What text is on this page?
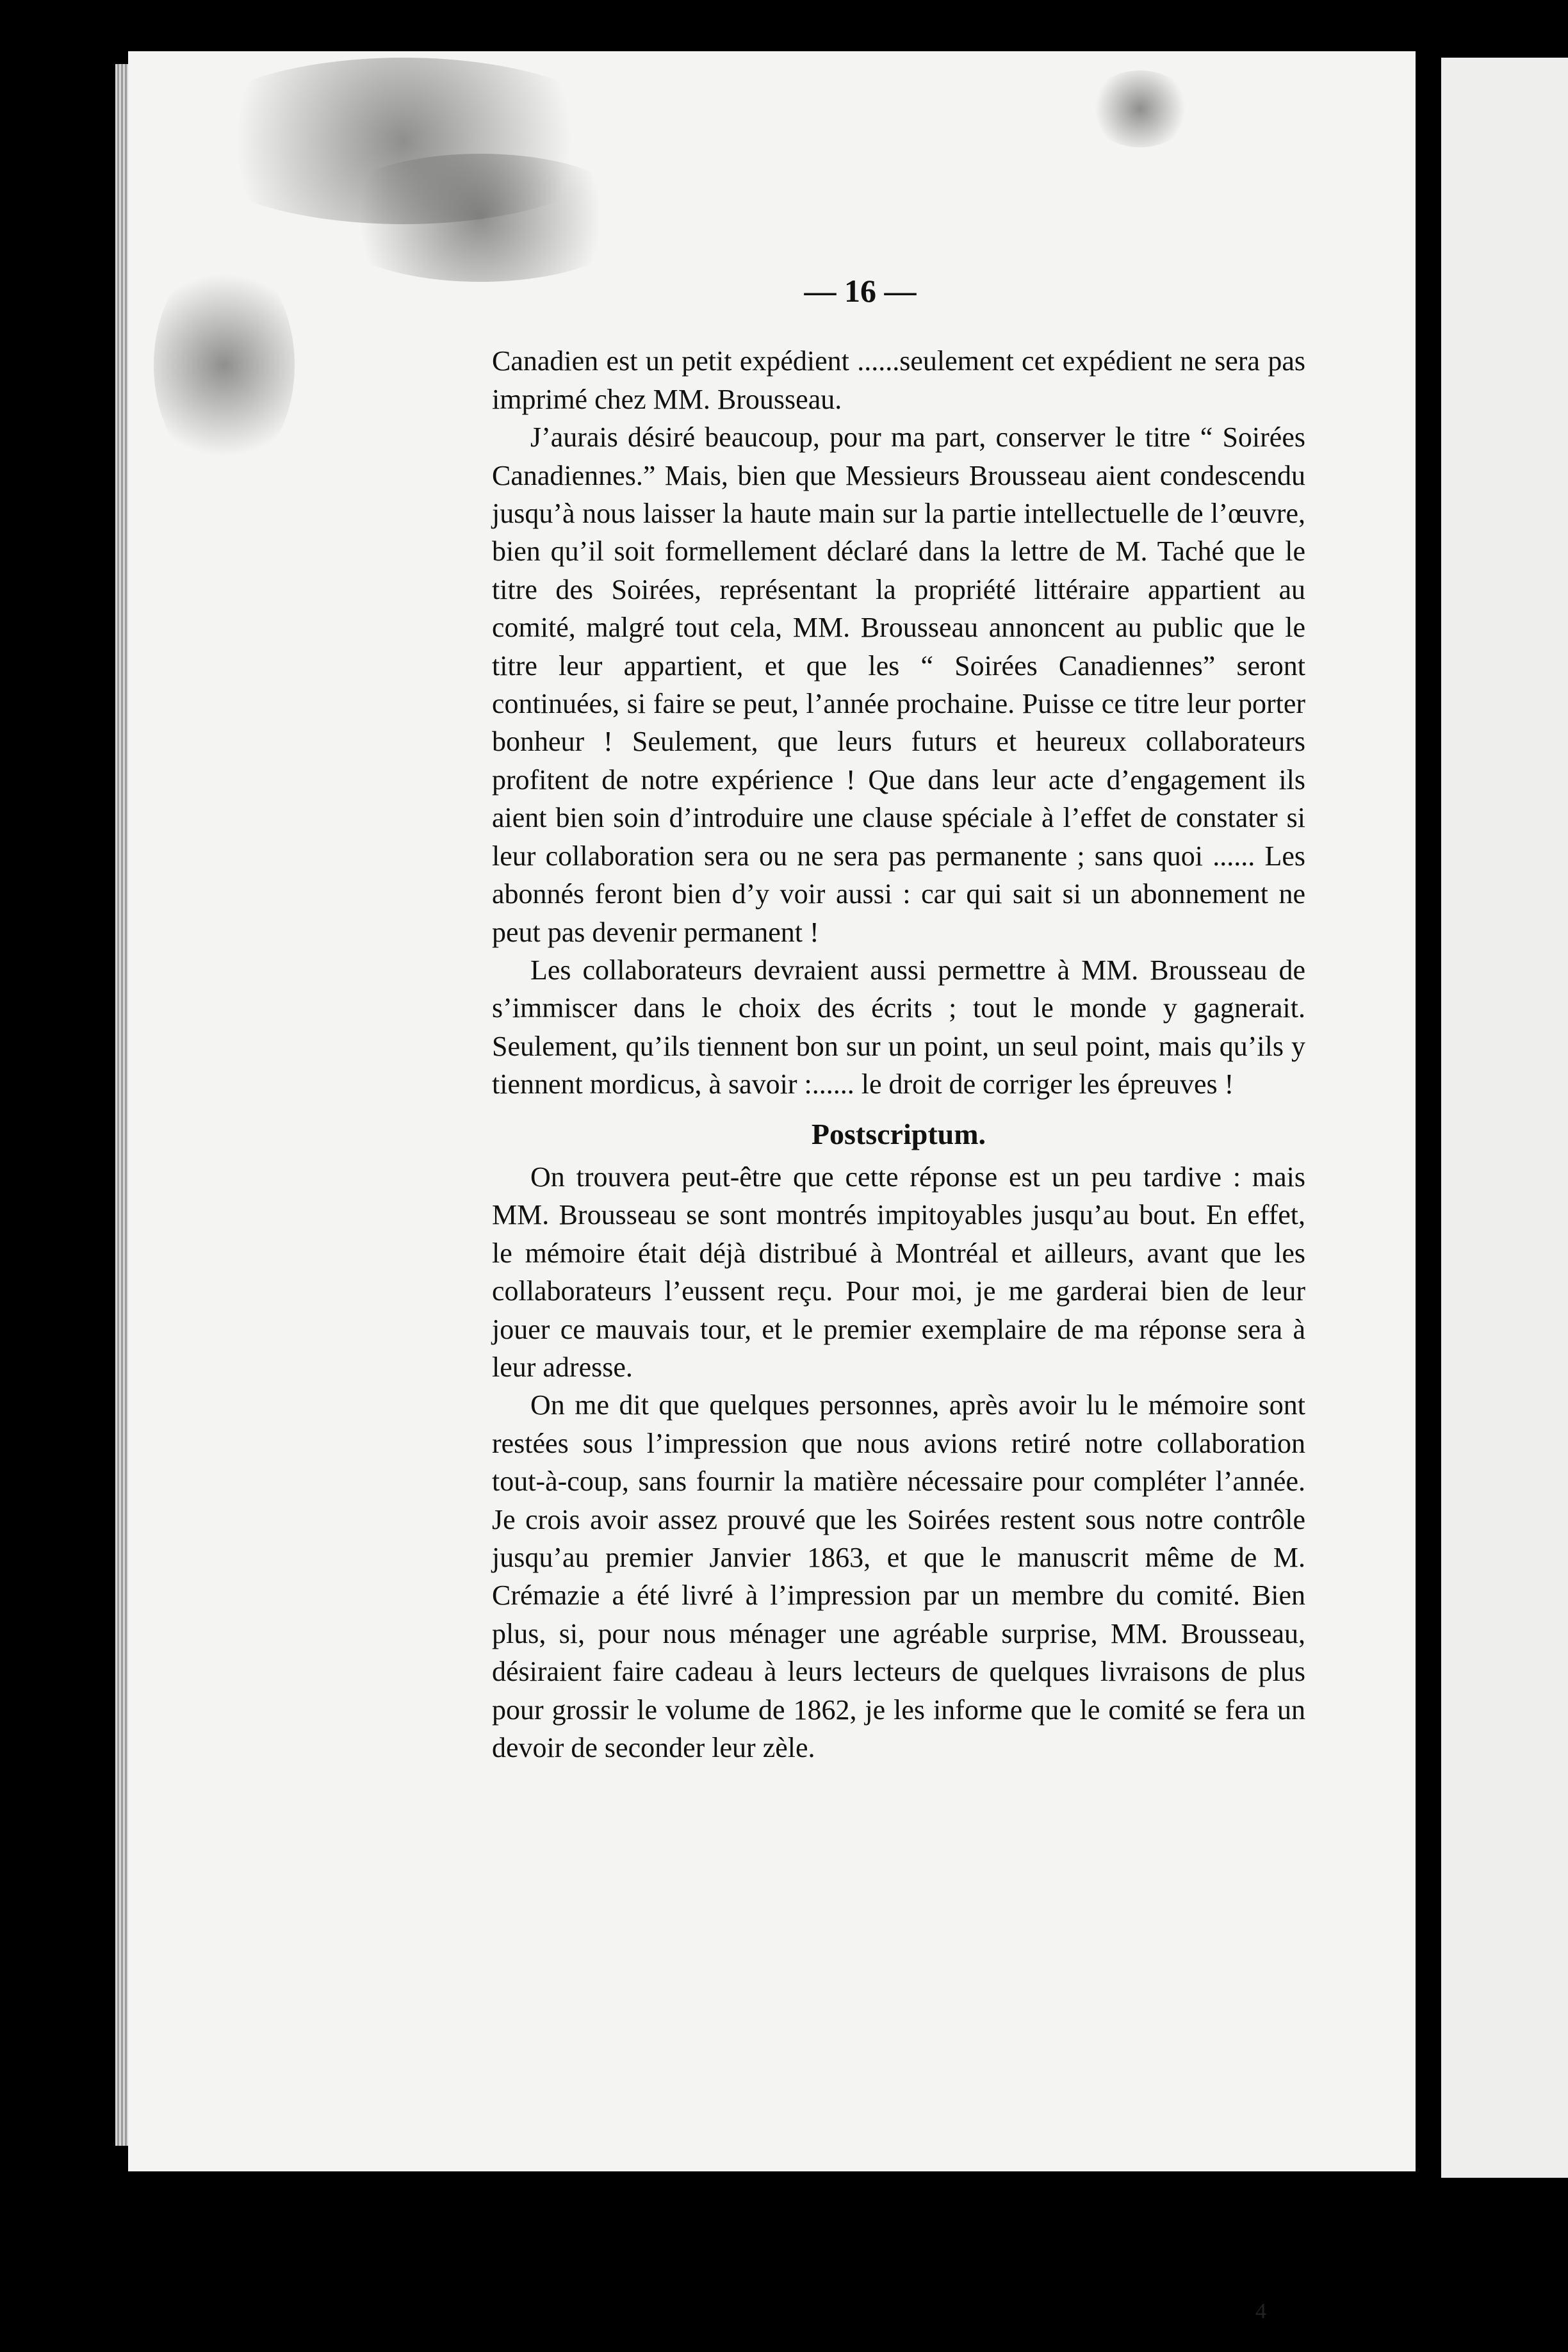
— 16 —

Canadien est un petit expédient ......seulement cet expédient ne sera pas imprimé chez MM. Brousseau.

J’aurais désiré beaucoup, pour ma part, conserver le titre “ Soirées Canadiennes.” Mais, bien que Messieurs Brousseau aient condescendu jusqu’à nous laisser la haute main sur la partie intellectuelle de l’œuvre, bien qu’il soit formellement déclaré dans la lettre de M. Taché que le titre des Soirées, représentant la propriété littéraire appartient au comité, malgré tout cela, MM. Brousseau annoncent au public que le titre leur appartient, et que les “ Soirées Canadiennes” seront continuées, si faire se peut, l’année prochaine. Puisse ce titre leur porter bonheur ! Seulement, que leurs futurs et heureux collaborateurs profitent de notre expérience ! Que dans leur acte d’engagement ils aient bien soin d’introduire une clause spéciale à l’effet de constater si leur collaboration sera ou ne sera pas permanente ; sans quoi ...... Les abonnés feront bien d’y voir aussi : car qui sait si un abonnement ne peut pas devenir permanent !

Les collaborateurs devraient aussi permettre à MM. Brousseau de s’immiscer dans le choix des écrits ; tout le monde y gagnerait. Seulement, qu’ils tiennent bon sur un point, un seul point, mais qu’ils y tiennent mordicus, à savoir :...... le droit de corriger les épreuves !

Postscriptum.

On trouvera peut-être que cette réponse est un peu tardive : mais MM. Brousseau se sont montrés impitoyables jusqu’au bout. En effet, le mémoire était déjà distribué à Montréal et ailleurs, avant que les collaborateurs l’eussent reçu. Pour moi, je me garderai bien de leur jouer ce mauvais tour, et le premier exemplaire de ma réponse sera à leur adresse.

On me dit que quelques personnes, après avoir lu le mémoire sont restées sous l’impression que nous avions retiré notre collaboration tout-à-coup, sans fournir la matière nécessaire pour compléter l’année. Je crois avoir assez prouvé que les Soirées restent sous notre contrôle jusqu’au premier Janvier 1863, et que le manuscrit même de M. Crémazie a été livré à l’impression par un membre du comité. Bien plus, si, pour nous ménager une agréable surprise, MM. Brousseau, désiraient faire cadeau à leurs lecteurs de quelques livraisons de plus pour grossir le volume de 1862, je les informe que le comité se fera un devoir de seconder leur zèle.

4
